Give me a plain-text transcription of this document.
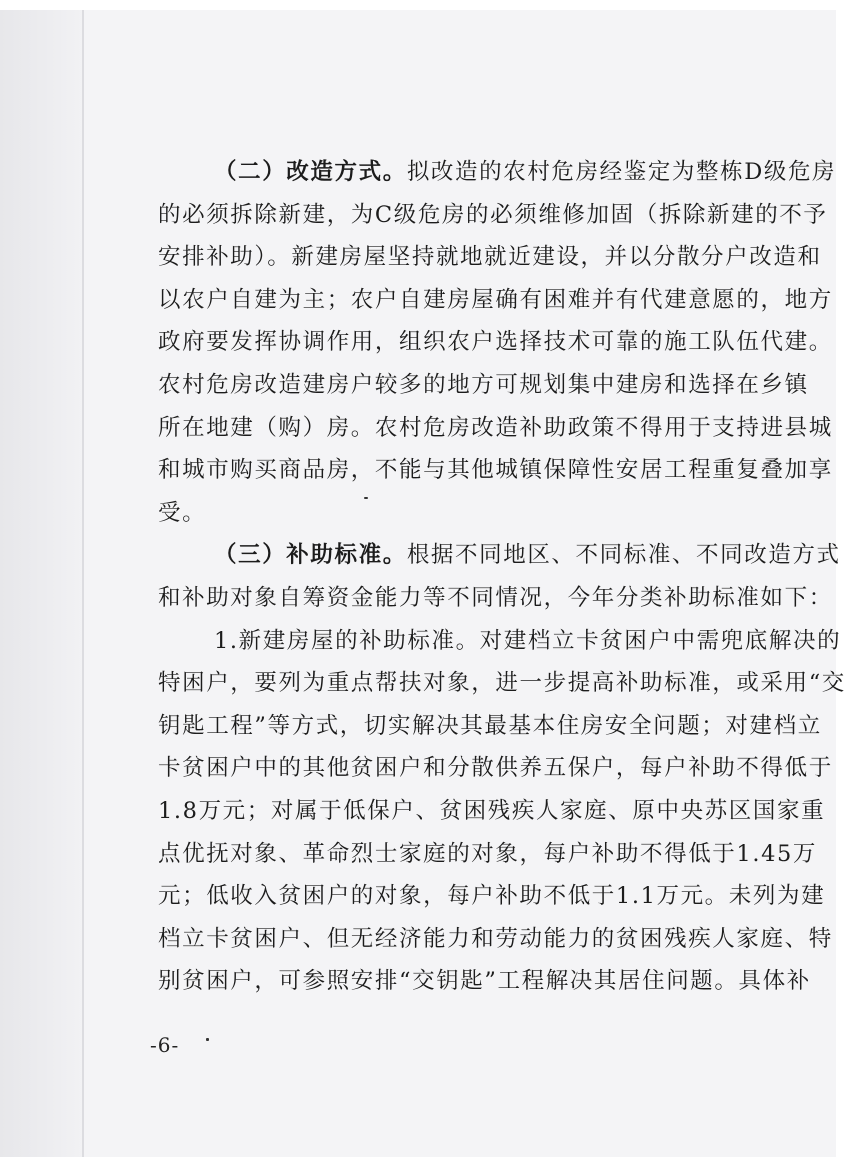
（二）改造方式。拟改造的农村危房经鉴定为整栋D级危房
的必须拆除新建，为C级危房的必须维修加固（拆除新建的不予
安排补助）。新建房屋坚持就地就近建设，并以分散分户改造和
以农户自建为主；农户自建房屋确有困难并有代建意愿的，地方
政府要发挥协调作用，组织农户选择技术可靠的施工队伍代建。
农村危房改造建房户较多的地方可规划集中建房和选择在乡镇
所在地建（购）房。农村危房改造补助政策不得用于支持进县城
和城市购买商品房，不能与其他城镇保障性安居工程重复叠加享
受。
（三）补助标准。根据不同地区、不同标准、不同改造方式
和补助对象自筹资金能力等不同情况，今年分类补助标准如下：
1.新建房屋的补助标准。对建档立卡贫困户中需兜底解决的
特困户，要列为重点帮扶对象，进一步提高补助标准，或采用“交
钥匙工程”等方式，切实解决其最基本住房安全问题；对建档立
卡贫困户中的其他贫困户和分散供养五保户，每户补助不得低于
1.8万元；对属于低保户、贫困残疾人家庭、原中央苏区国家重
点优抚对象、革命烈士家庭的对象，每户补助不得低于1.45万
元；低收入贫困户的对象，每户补助不低于1.1万元。未列为建
档立卡贫困户、但无经济能力和劳动能力的贫困残疾人家庭、特
别贫困户，可参照安排“交钥匙”工程解决其居住问题。具体补
-6-
